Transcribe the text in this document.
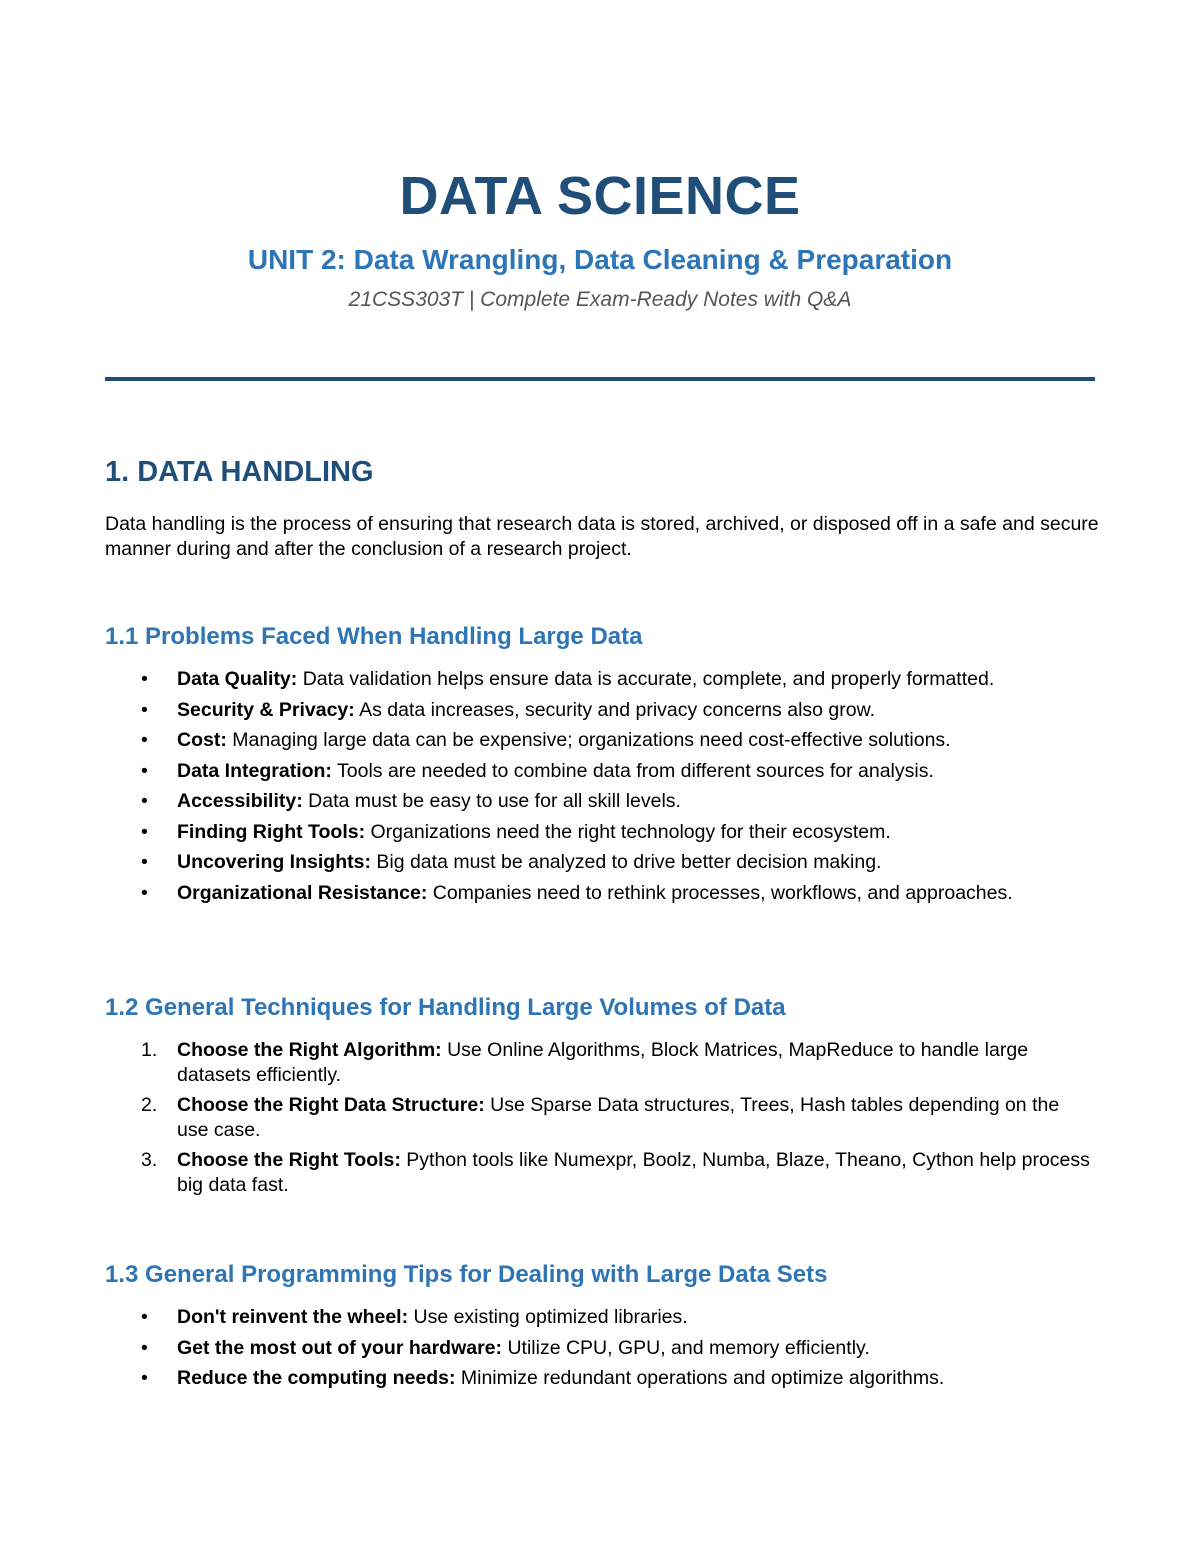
DATA SCIENCE
UNIT 2: Data Wrangling, Data Cleaning & Preparation
21CSS303T | Complete Exam-Ready Notes with Q&A
1. DATA HANDLING

Data handling is the process of ensuring that research data is stored, archived, or disposed off in a safe and secure manner during and after the conclusion of a research project.

1.1 Problems Faced When Handling Large Data
•	Data Quality: Data validation helps ensure data is accurate, complete, and properly formatted.
•	Security & Privacy: As data increases, security and privacy concerns also grow.
•	Cost: Managing large data can be expensive; organizations need cost-effective solutions.
•	Data Integration: Tools are needed to combine data from different sources for analysis.
•	Accessibility: Data must be easy to use for all skill levels.
•	Finding Right Tools: Organizations need the right technology for their ecosystem.
•	Uncovering Insights: Big data must be analyzed to drive better decision making.
•	Organizational Resistance: Companies need to rethink processes, workflows, and approaches.
1.2 General Techniques for Handling Large Volumes of Data
1.	Choose the Right Algorithm: Use Online Algorithms, Block Matrices, MapReduce to handle large datasets efficiently.
2.	Choose the Right Data Structure: Use Sparse Data structures, Trees, Hash tables depending on the use case.
3.	Choose the Right Tools: Python tools like Numexpr, Boolz, Numba, Blaze, Theano, Cython help process big data fast.
1.3 General Programming Tips for Dealing with Large Data Sets
•	Don't reinvent the wheel: Use existing optimized libraries.
•	Get the most out of your hardware: Utilize CPU, GPU, and memory efficiently.
•	Reduce the computing needs: Minimize redundant operations and optimize algorithms.
